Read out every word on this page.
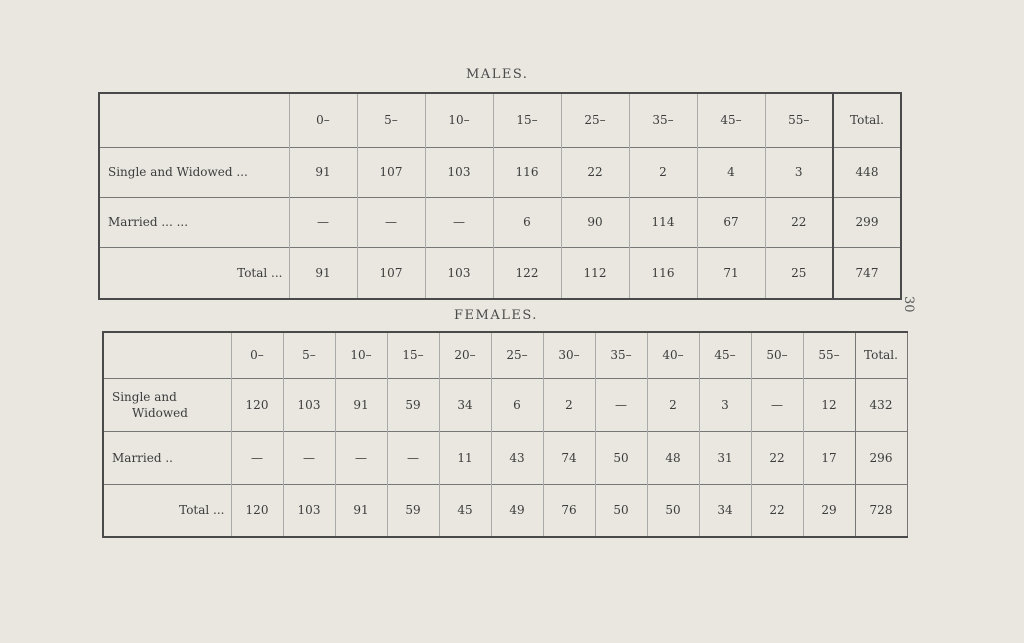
MALES.
	0–	5–	10–	15–	25–	35–	45–	55–	Total.
Single and Widowed ...	91	107	103	116	22	2	4	3	448
Married ... ...	—	—	—	6	90	114	67	22	299
Total ...	91	107	103	122	112	116	71	25	747
30
FEMALES.
	0–	5–	10–	15–	20–	25–	30–	35–	40–	45–	50–	55–	Total.
Single and
Widowed	120	103	91	59	34	6	2	—	2	3	—	12	432
Married ..	—	—	—	—	11	43	74	50	48	31	22	17	296
Total ...	120	103	91	59	45	49	76	50	50	34	22	29	728
